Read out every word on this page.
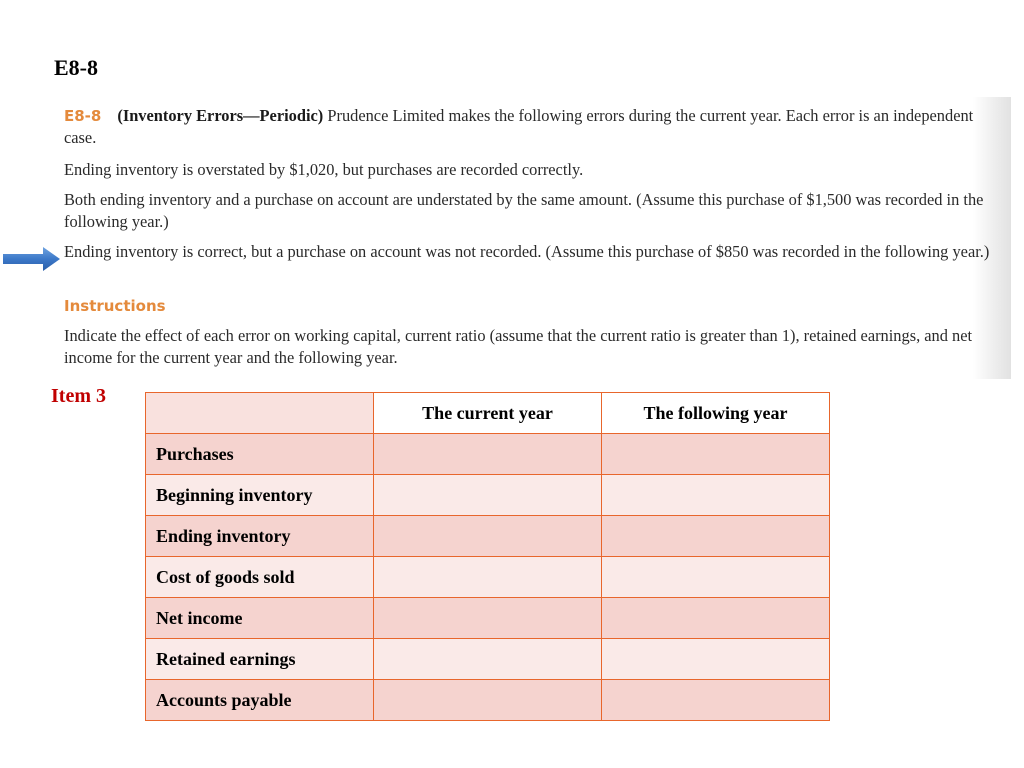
E8-8
E8-8 (Inventory Errors—Periodic) Prudence Limited makes the following errors during the current year. Each error is an independent case.
Ending inventory is overstated by $1,020, but purchases are recorded correctly.
Both ending inventory and a purchase on account are understated by the same amount. (Assume this purchase of $1,500 was recorded in the following year.)
Ending inventory is correct, but a purchase on account was not recorded. (Assume this purchase of $850 was recorded in the following year.)
Instructions
Indicate the effect of each error on working capital, current ratio (assume that the current ratio is greater than 1), retained earnings, and net income for the current year and the following year.
Item 3
	The current year	The following year
Purchases		
Beginning inventory		
Ending inventory		
Cost of goods sold		
Net income		
Retained earnings		
Accounts payable		
